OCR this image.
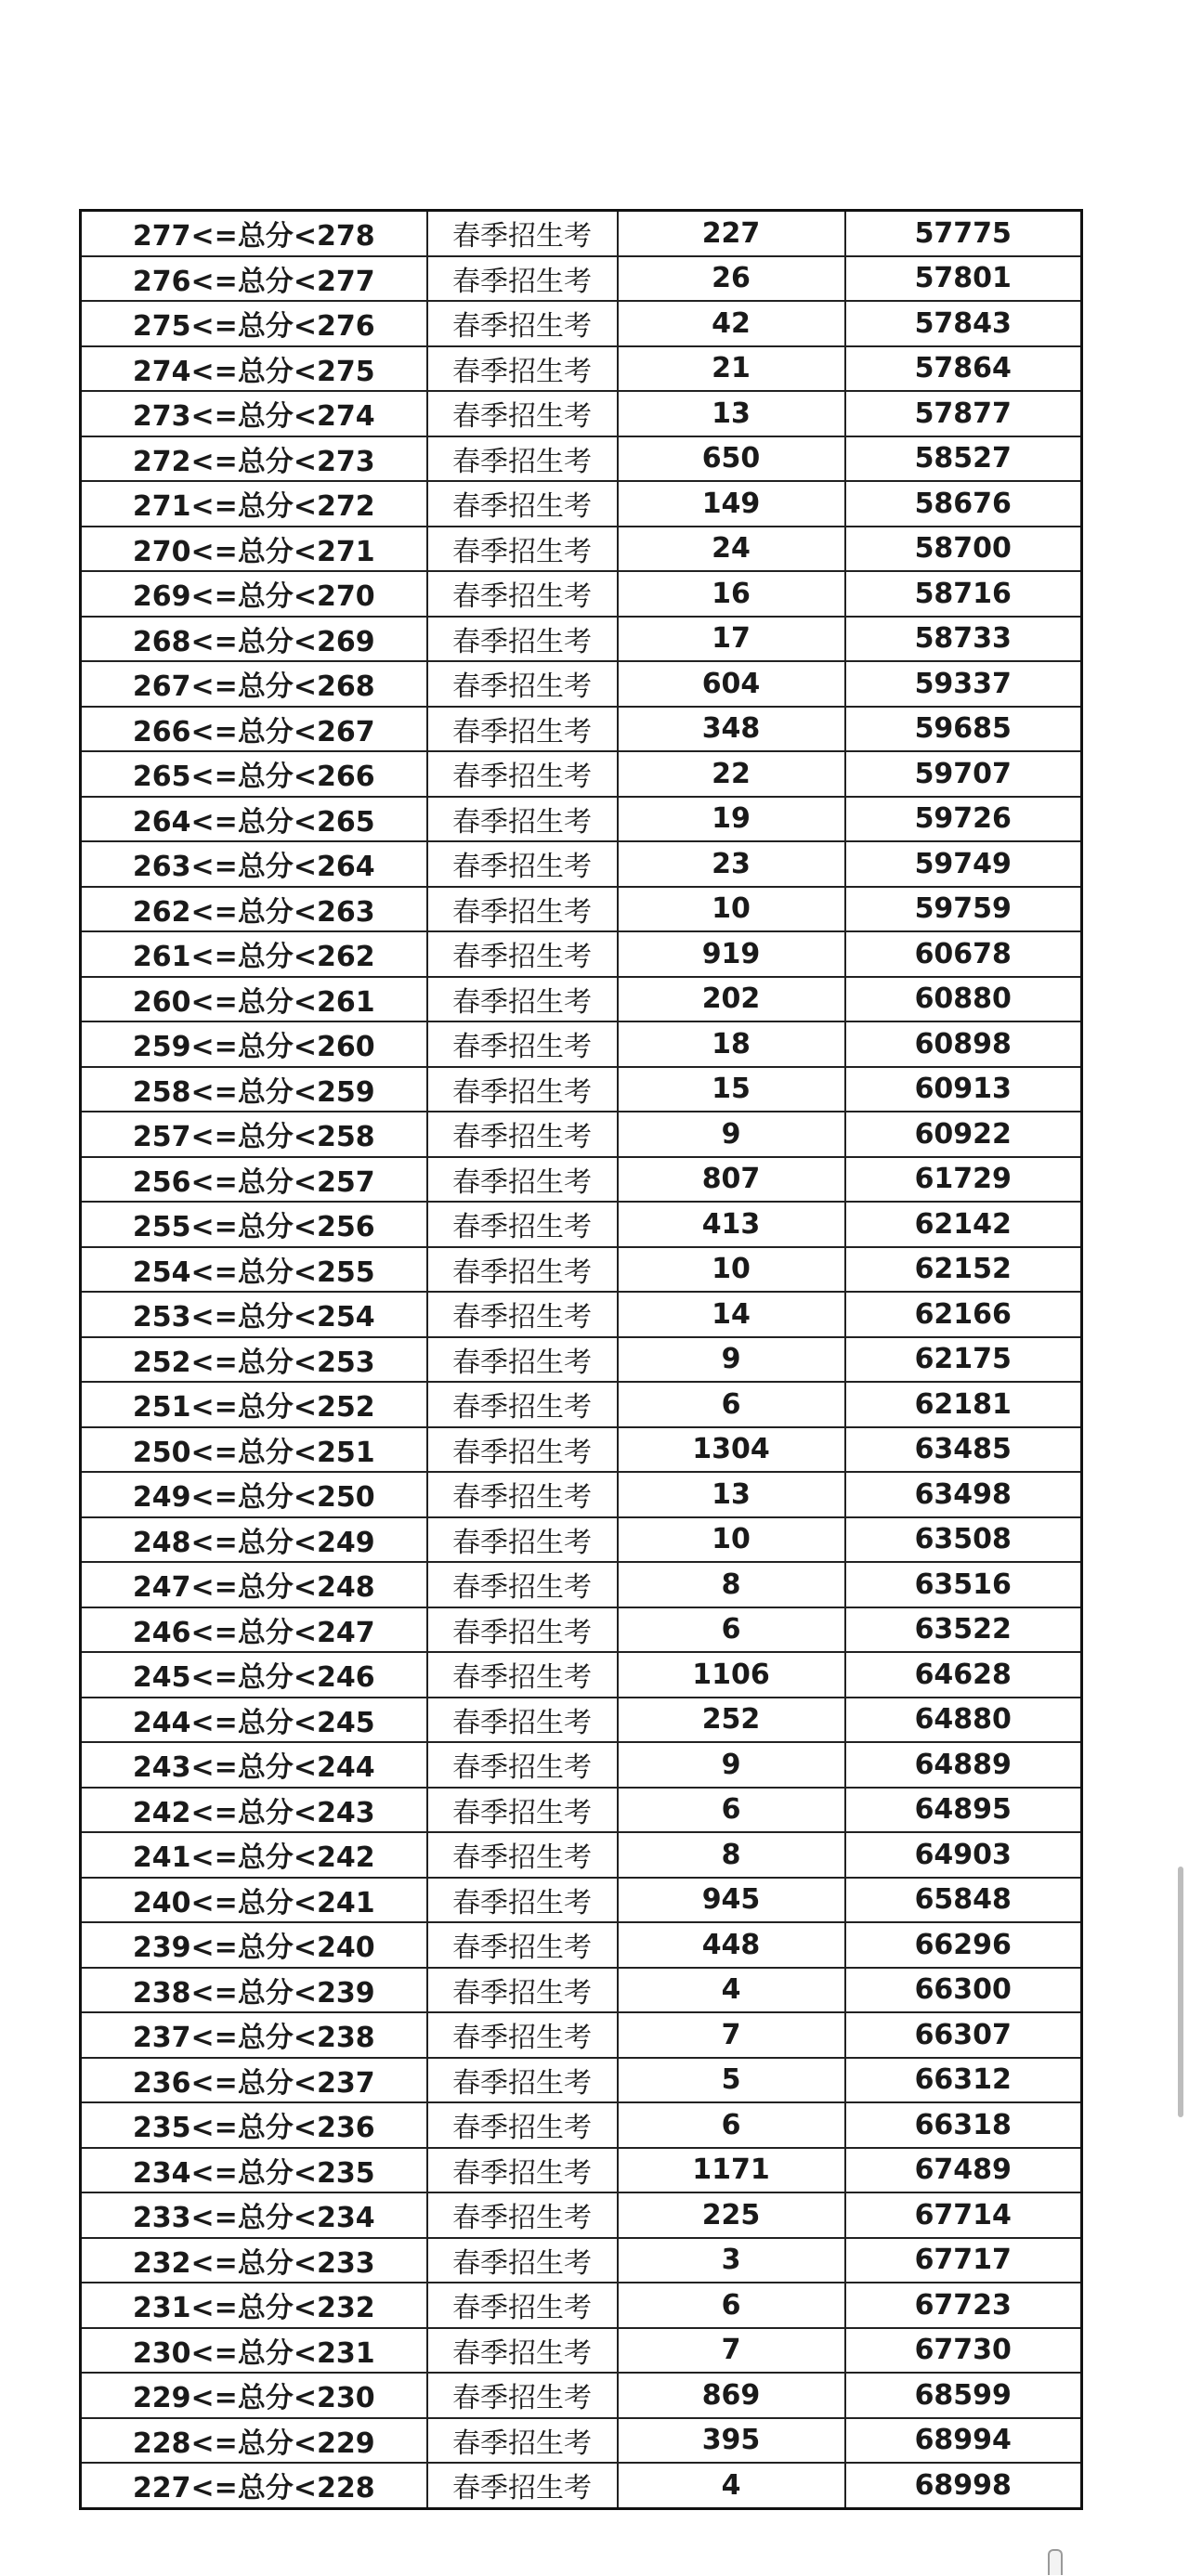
277<=总分<278	春季招生考	227	57775
276<=总分<277	春季招生考	26	57801
275<=总分<276	春季招生考	42	57843
274<=总分<275	春季招生考	21	57864
273<=总分<274	春季招生考	13	57877
272<=总分<273	春季招生考	650	58527
271<=总分<272	春季招生考	149	58676
270<=总分<271	春季招生考	24	58700
269<=总分<270	春季招生考	16	58716
268<=总分<269	春季招生考	17	58733
267<=总分<268	春季招生考	604	59337
266<=总分<267	春季招生考	348	59685
265<=总分<266	春季招生考	22	59707
264<=总分<265	春季招生考	19	59726
263<=总分<264	春季招生考	23	59749
262<=总分<263	春季招生考	10	59759
261<=总分<262	春季招生考	919	60678
260<=总分<261	春季招生考	202	60880
259<=总分<260	春季招生考	18	60898
258<=总分<259	春季招生考	15	60913
257<=总分<258	春季招生考	9	60922
256<=总分<257	春季招生考	807	61729
255<=总分<256	春季招生考	413	62142
254<=总分<255	春季招生考	10	62152
253<=总分<254	春季招生考	14	62166
252<=总分<253	春季招生考	9	62175
251<=总分<252	春季招生考	6	62181
250<=总分<251	春季招生考	1304	63485
249<=总分<250	春季招生考	13	63498
248<=总分<249	春季招生考	10	63508
247<=总分<248	春季招生考	8	63516
246<=总分<247	春季招生考	6	63522
245<=总分<246	春季招生考	1106	64628
244<=总分<245	春季招生考	252	64880
243<=总分<244	春季招生考	9	64889
242<=总分<243	春季招生考	6	64895
241<=总分<242	春季招生考	8	64903
240<=总分<241	春季招生考	945	65848
239<=总分<240	春季招生考	448	66296
238<=总分<239	春季招生考	4	66300
237<=总分<238	春季招生考	7	66307
236<=总分<237	春季招生考	5	66312
235<=总分<236	春季招生考	6	66318
234<=总分<235	春季招生考	1171	67489
233<=总分<234	春季招生考	225	67714
232<=总分<233	春季招生考	3	67717
231<=总分<232	春季招生考	6	67723
230<=总分<231	春季招生考	7	67730
229<=总分<230	春季招生考	869	68599
228<=总分<229	春季招生考	395	68994
227<=总分<228	春季招生考	4	68998
